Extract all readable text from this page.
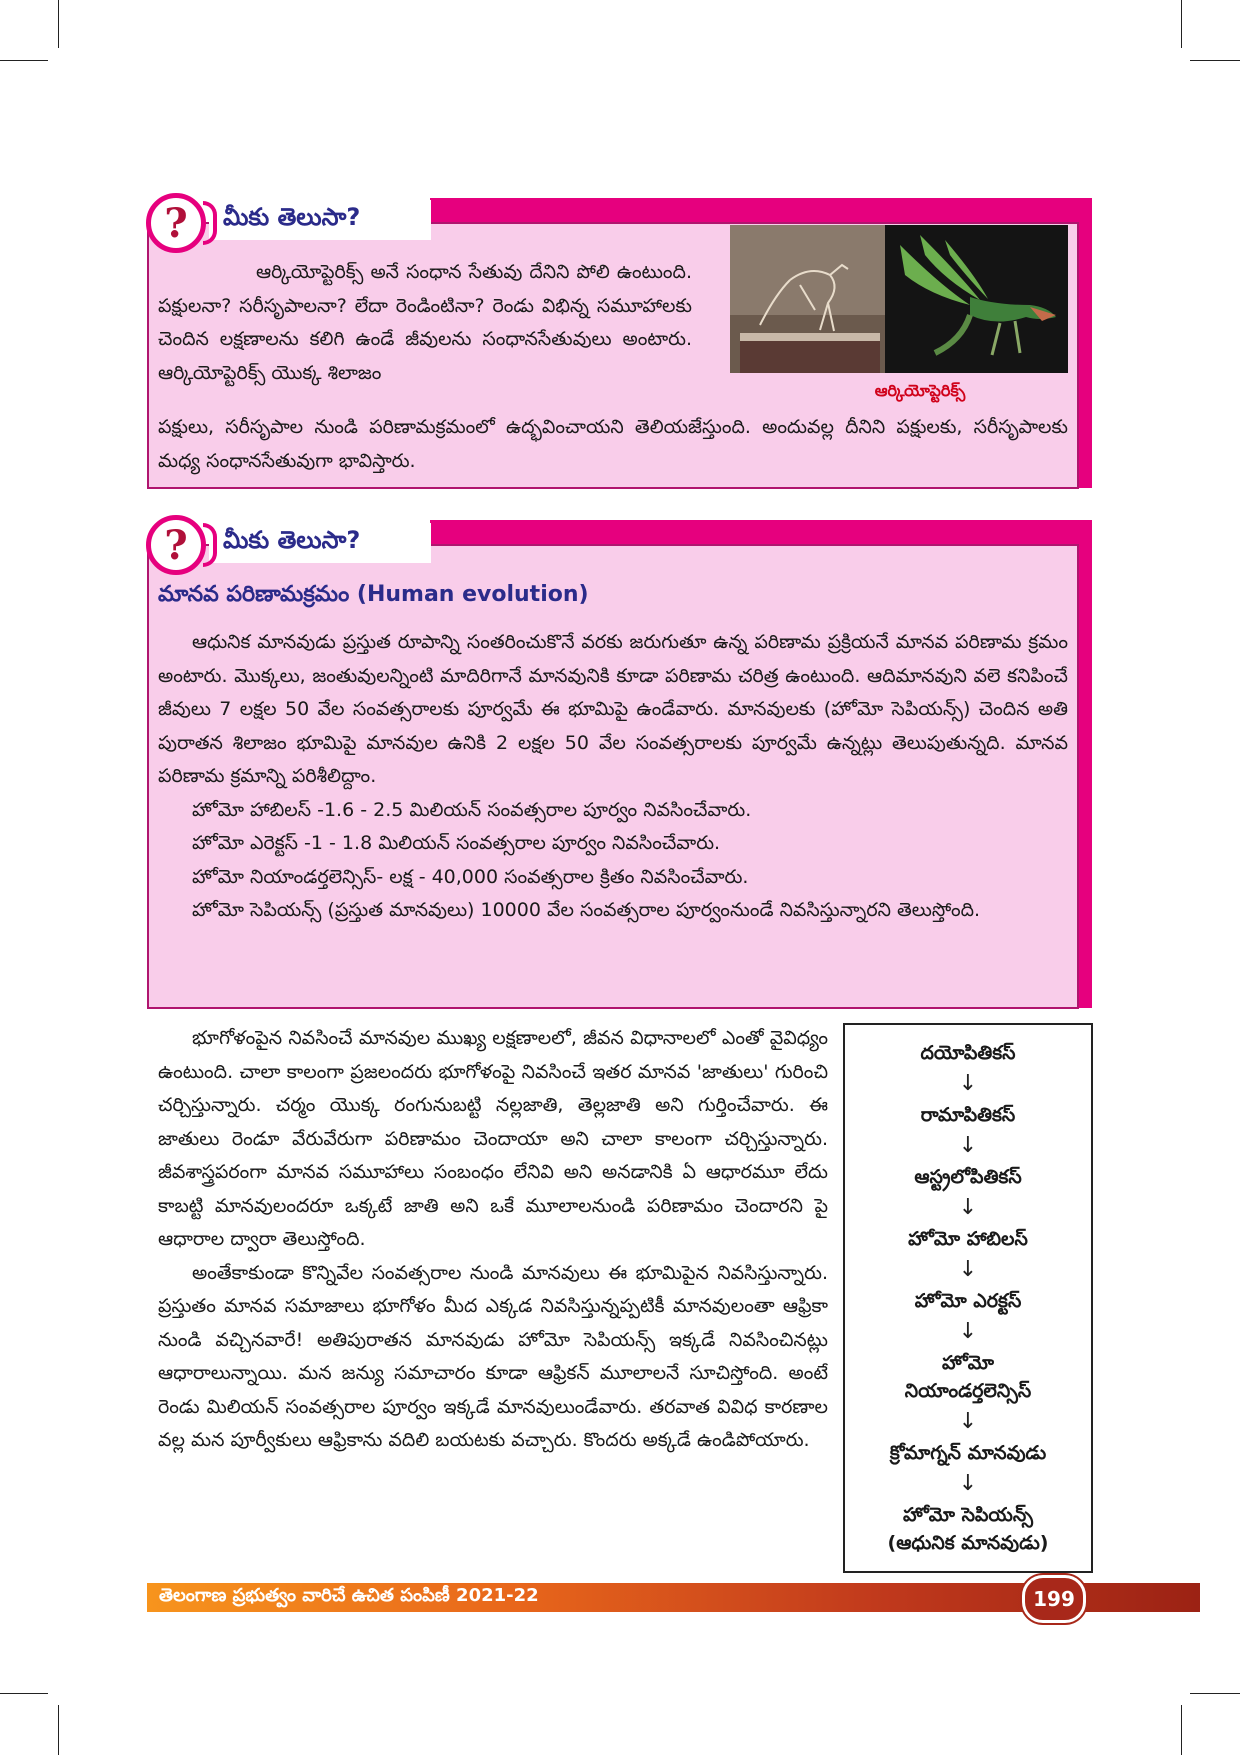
మీకు తెలుసా?
?

ఆర్కియోప్టెరిక్స్ అనే సంధాన సేతువు దేనిని పోలి ఉంటుంది. పక్షులనా? సరీసృపాలనా? లేదా రెండింటినా? రెండు విభిన్న సమూహాలకు చెందిన లక్షణాలను కలిగి ఉండే జీవులను సంధానసేతువులు అంటారు. ఆర్కియోప్టెరిక్స్ యొక్క శిలాజం

ఆర్కియోప్టెరిక్స్

పక్షులు, సరీసృపాల నుండి పరిణామక్రమంలో ఉద్భవించాయని తెలియజేస్తుంది. అందువల్ల దీనిని పక్షులకు, సరీసృపాలకు మధ్య సంధానసేతువుగా భావిస్తారు.

మీకు తెలుసా?
?
మానవ పరిణామక్రమం (Human evolution)

ఆధునిక మానవుడు ప్రస్తుత రూపాన్ని సంతరించుకొనే వరకు జరుగుతూ ఉన్న పరిణామ ప్రక్రియనే మానవ పరిణామ క్రమం అంటారు. మొక్కలు, జంతువులన్నింటి మాదిరిగానే మానవునికి కూడా పరిణామ చరిత్ర ఉంటుంది. ఆదిమానవుని వలె కనిపించే జీవులు 7 లక్షల 50 వేల సంవత్సరాలకు పూర్వమే ఈ భూమిపై ఉండేవారు. మానవులకు (హోమో సెపియన్స్) చెందిన అతి పురాతన శిలాజం భూమిపై మానవుల ఉనికి 2 లక్షల 50 వేల సంవత్సరాలకు పూర్వమే ఉన్నట్లు తెలుపుతున్నది. మానవ పరిణామ క్రమాన్ని పరిశీలిద్దాం.

హోమో హాబిలస్ -1.6 - 2.5 మిలియన్ సంవత్సరాల పూర్వం నివసించేవారు.

హోమో ఎరెక్టస్ -1 - 1.8 మిలియన్ సంవత్సరాల పూర్వం నివసించేవారు.

హోమో నియాండర్తలెన్సిస్- లక్ష - 40,000 సంవత్సరాల క్రితం నివసించేవారు.

హోమో సెపియన్స్ (ప్రస్తుత మానవులు) 10000 వేల సంవత్సరాల పూర్వంనుండే నివసిస్తున్నారని తెలుస్తోంది.

భూగోళంపైన నివసించే మానవుల ముఖ్య లక్షణాలలో, జీవన విధానాలలో ఎంతో వైవిధ్యం ఉంటుంది. చాలా కాలంగా ప్రజలందరు భూగోళంపై నివసించే ఇతర మానవ 'జాతులు' గురించి చర్చిస్తున్నారు. చర్మం యొక్క రంగునుబట్టి నల్లజాతి, తెల్లజాతి అని గుర్తించేవారు. ఈ జాతులు రెండూ వేరువేరుగా పరిణామం చెందాయా అని చాలా కాలంగా చర్చిస్తున్నారు. జీవశాస్త్రపరంగా మానవ సమూహాలు సంబంధం లేనివి అని అనడానికి ఏ ఆధారమూ లేదు కాబట్టి మానవులందరూ ఒక్కటే జాతి అని ఒకే మూలాలనుండి పరిణామం చెందారని పై ఆధారాల ద్వారా తెలుస్తోంది.

అంతేకాకుండా కొన్నివేల సంవత్సరాల నుండి మానవులు ఈ భూమిపైన నివసిస్తున్నారు. ప్రస్తుతం మానవ సమాజాలు భూగోళం మీద ఎక్కడ నివసిస్తున్నప్పటికీ మానవులంతా ఆఫ్రికా నుండి వచ్చినవారే! అతిపురాతన మానవుడు హోమో సెపియన్స్ ఇక్కడే నివసించినట్లు ఆధారాలున్నాయి. మన జన్యు సమాచారం కూడా ఆఫ్రికన్ మూలాలనే సూచిస్తోంది. అంటే రెండు మిలియన్ సంవత్సరాల పూర్వం ఇక్కడే మానవులుండేవారు. తరవాత వివిధ కారణాల వల్ల మన పూర్వీకులు ఆఫ్రికాను వదిలి బయటకు వచ్చారు. కొందరు అక్కడే ఉండిపోయారు.

దయోపితికస్
↓
రామాపితికస్
↓
ఆస్ట్రలోపితికస్
↓
హోమో హాబిలస్
↓
హోమో ఎరక్టస్
↓
హోమో నియాండర్తలెన్సిస్
↓
క్రోమాగ్నన్ మానవుడు
↓
హోమో సెపియన్స్ (ఆధునిక మానవుడు)
తెలంగాణ ప్రభుత్వం వారిచే ఉచిత పంపిణీ 2021-22	199
